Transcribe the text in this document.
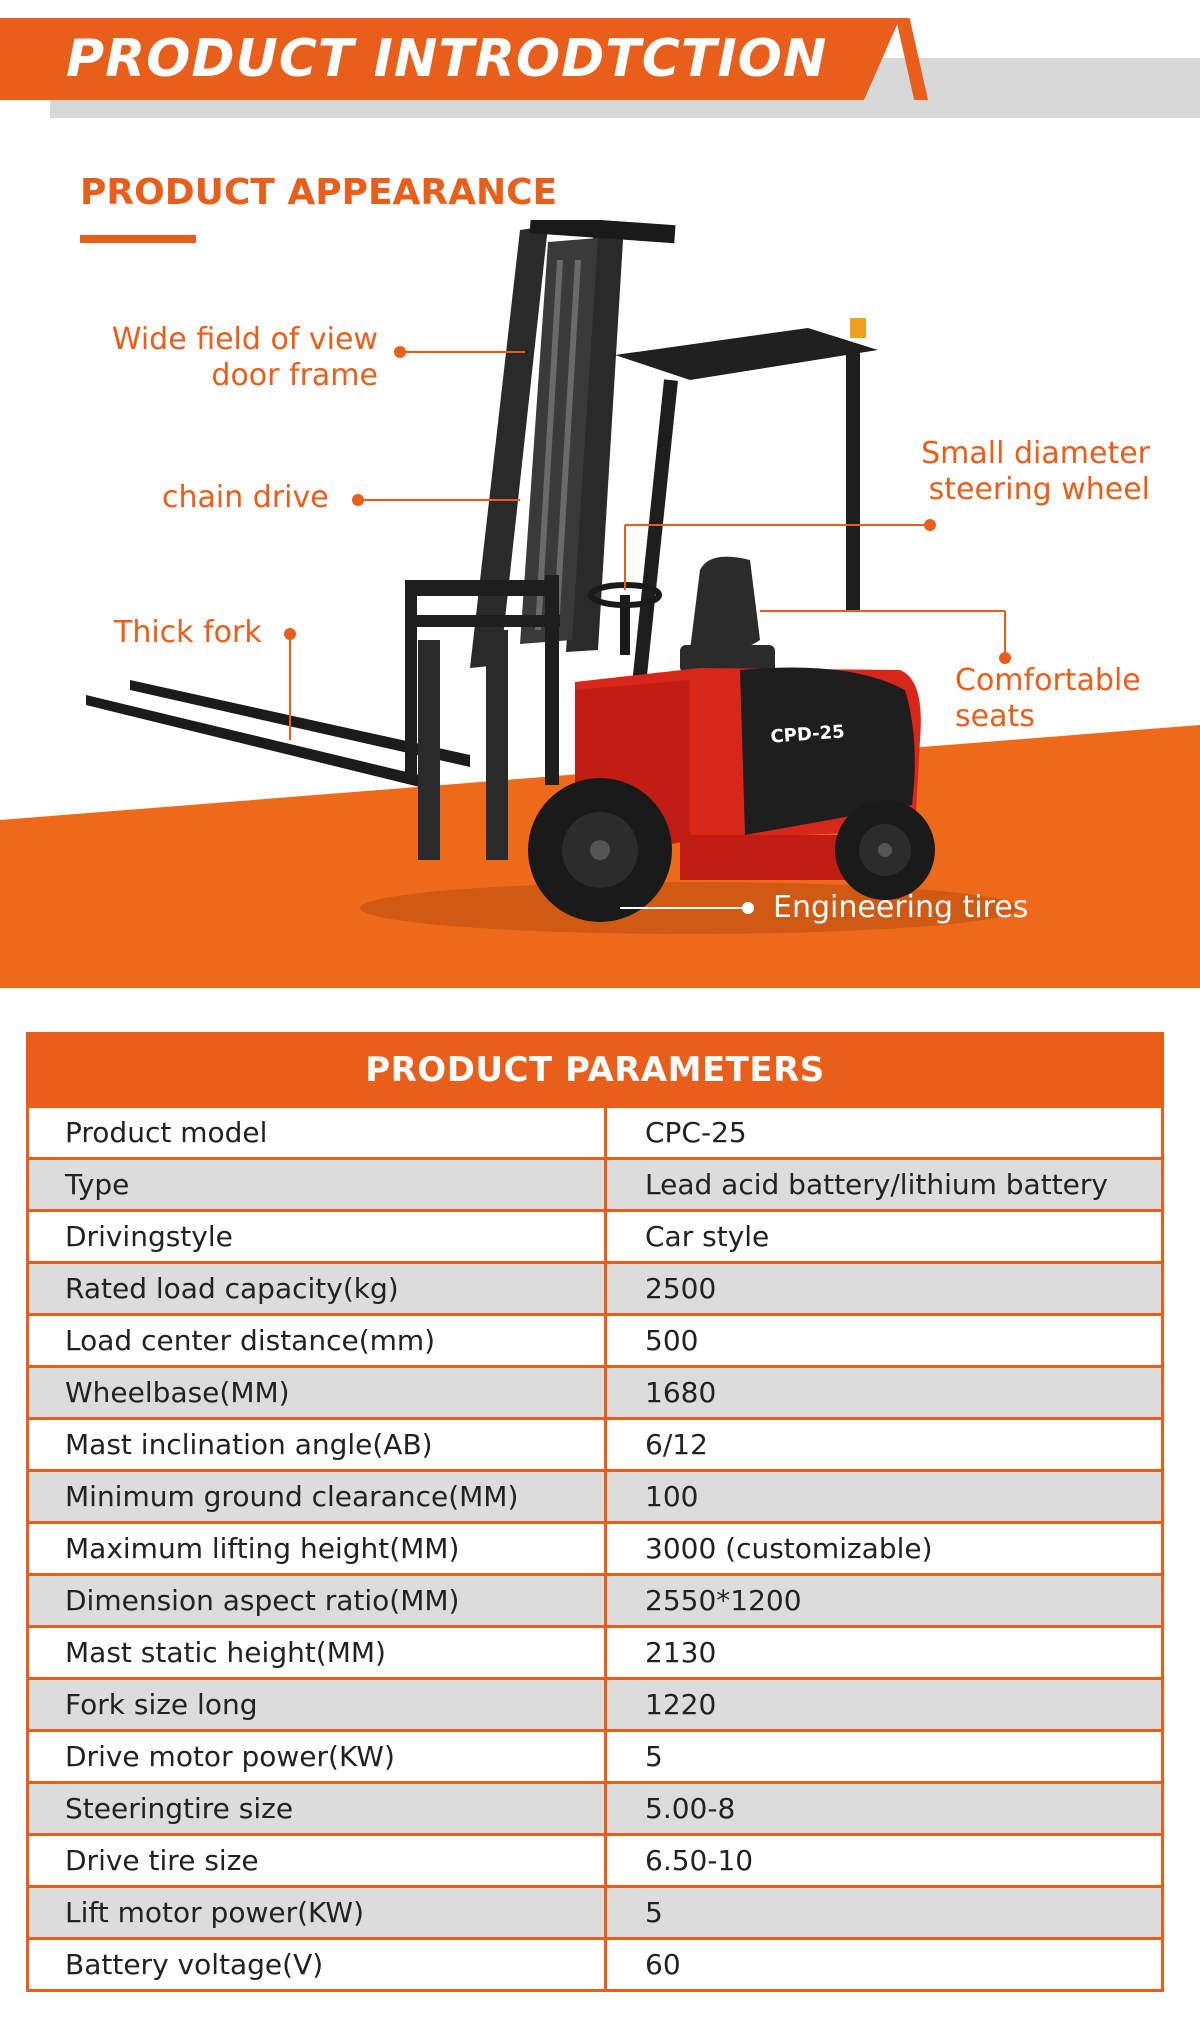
PRODUCT INTRODTCTION
PRODUCT APPEARANCE
CPD-25
Wide field of view
door frame
chain drive
Thick fork
Small diameter
steering wheel
Comfortable
seats
Engineering tires
PRODUCT PARAMETERS
Product model	CPC-25
Type	Lead acid battery/lithium battery
Drivingstyle	Car style
Rated load capacity(kg)	2500
Load center distance(mm)	500
Wheelbase(MM)	1680
Mast inclination angle(AB)	6/12
Minimum ground clearance(MM)	100
Maximum lifting height(MM)	3000 (customizable)
Dimension aspect ratio(MM)	2550*1200
Mast static height(MM)	2130
Fork size long	1220
Drive motor power(KW)	5
Steeringtire size	5.00-8
Drive tire size	6.50-10
Lift motor power(KW)	5
Battery voltage(V)	60
